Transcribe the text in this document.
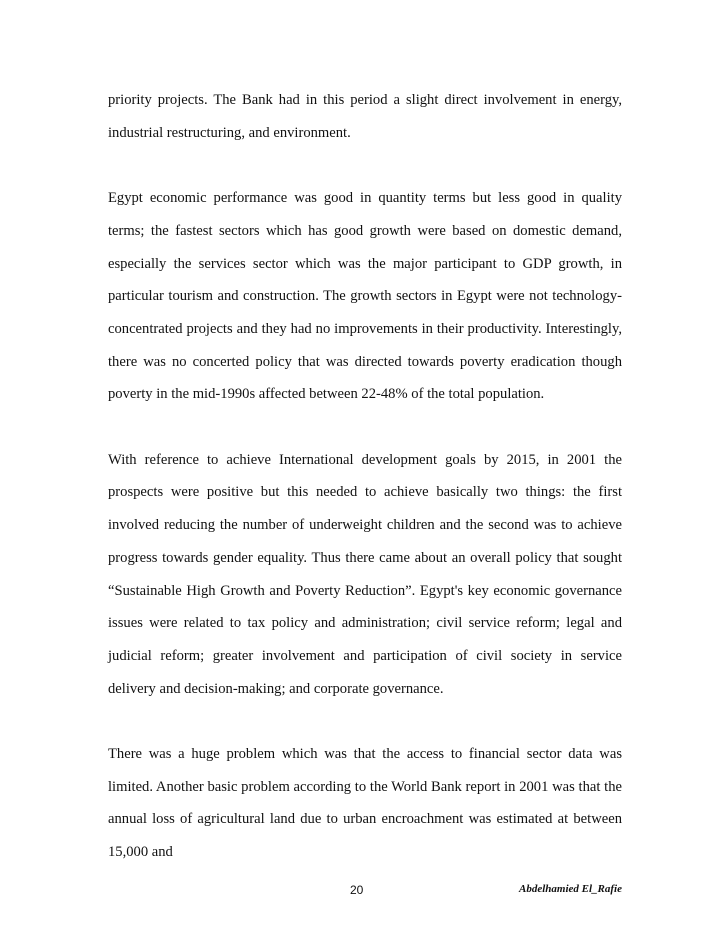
priority projects. The Bank had in this period a slight direct involvement in energy, industrial restructuring, and environment.

Egypt economic performance was good in quantity terms but less good in quality terms; the fastest sectors which has good growth were based on domestic demand, especially the services sector which was the major participant to GDP growth, in particular tourism and construction. The growth sectors in Egypt were not technology-concentrated projects and they had no improvements in their productivity. Interestingly, there was no concerted policy that was directed towards poverty eradication though poverty in the mid-1990s affected between 22-48% of the total population.

With reference to achieve International development goals by 2015, in 2001 the prospects were positive but this needed to achieve basically two things: the first involved reducing the number of underweight children and the second was to achieve progress towards gender equality. Thus there came about an overall policy that sought “Sustainable High Growth and Poverty Reduction”. Egypt's key economic governance issues were related to tax policy and administration; civil service reform; legal and judicial reform; greater involvement and participation of civil society in service delivery and decision-making; and corporate governance.

There was a huge problem which was that the access to financial sector data was limited. Another basic problem according to the World Bank report in 2001 was that the annual loss of agricultural land due to urban encroachment was estimated at between 15,000 and

20	Abdelhamied El_Rafie
